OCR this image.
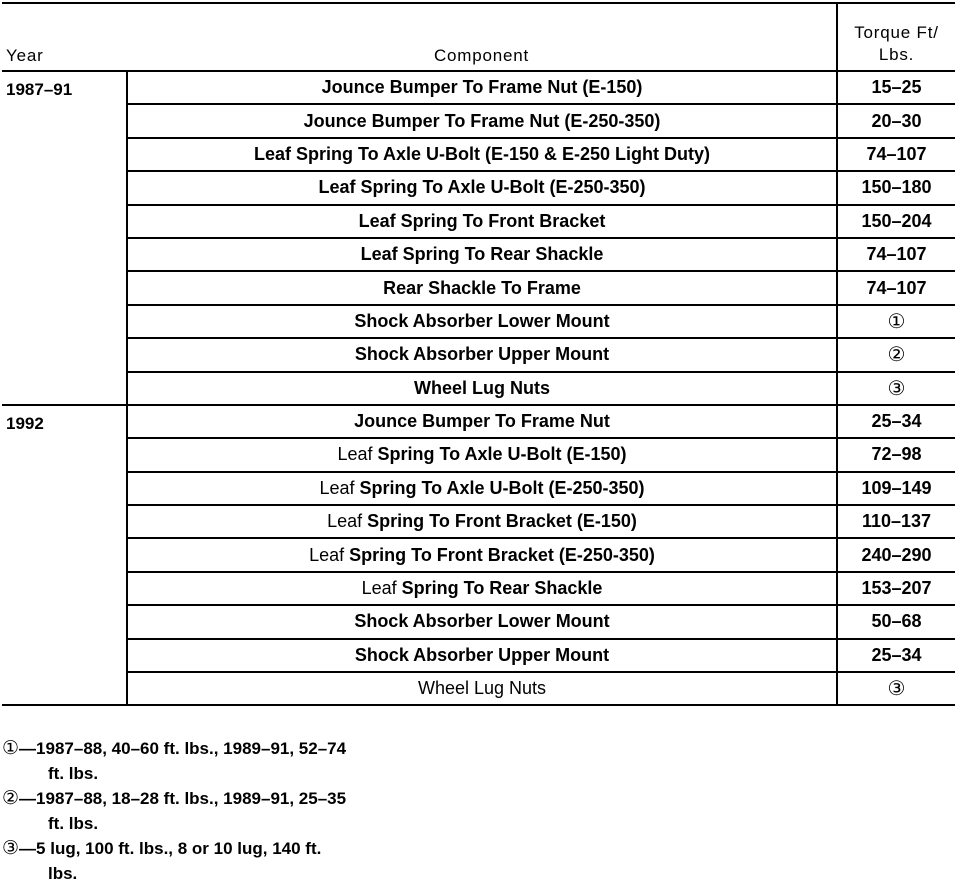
Year	Component	Torque Ft/
Lbs.
1987–91	Jounce Bumper To Frame Nut (E-150)	15–25
	Jounce Bumper To Frame Nut (E-250-350)	20–30
	Leaf Spring To Axle U-Bolt (E-150 & E-250 Light Duty)	74–107
	Leaf Spring To Axle U-Bolt (E-250-350)	150–180
	Leaf Spring To Front Bracket	150–204
	Leaf Spring To Rear Shackle	74–107
	Rear Shackle To Frame	74–107
	Shock Absorber Lower Mount	①
	Shock Absorber Upper Mount	②
	Wheel Lug Nuts	③
1992	Jounce Bumper To Frame Nut	25–34
	Leaf Spring To Axle U-Bolt (E-150)	72–98
	Leaf Spring To Axle U-Bolt (E-250-350)	109–149
	Leaf Spring To Front Bracket (E-150)	110–137
	Leaf Spring To Front Bracket (E-250-350)	240–290
	Leaf Spring To Rear Shackle	153–207
	Shock Absorber Lower Mount	50–68
	Shock Absorber Upper Mount	25–34
	Wheel Lug Nuts	③
①—1987–88, 40–60 ft. lbs., 1989–91, 52–74
ft. lbs.
②—1987–88, 18–28 ft. lbs., 1989–91, 25–35
ft. lbs.
③—5 lug, 100 ft. lbs., 8 or 10 lug, 140 ft.
lbs.
